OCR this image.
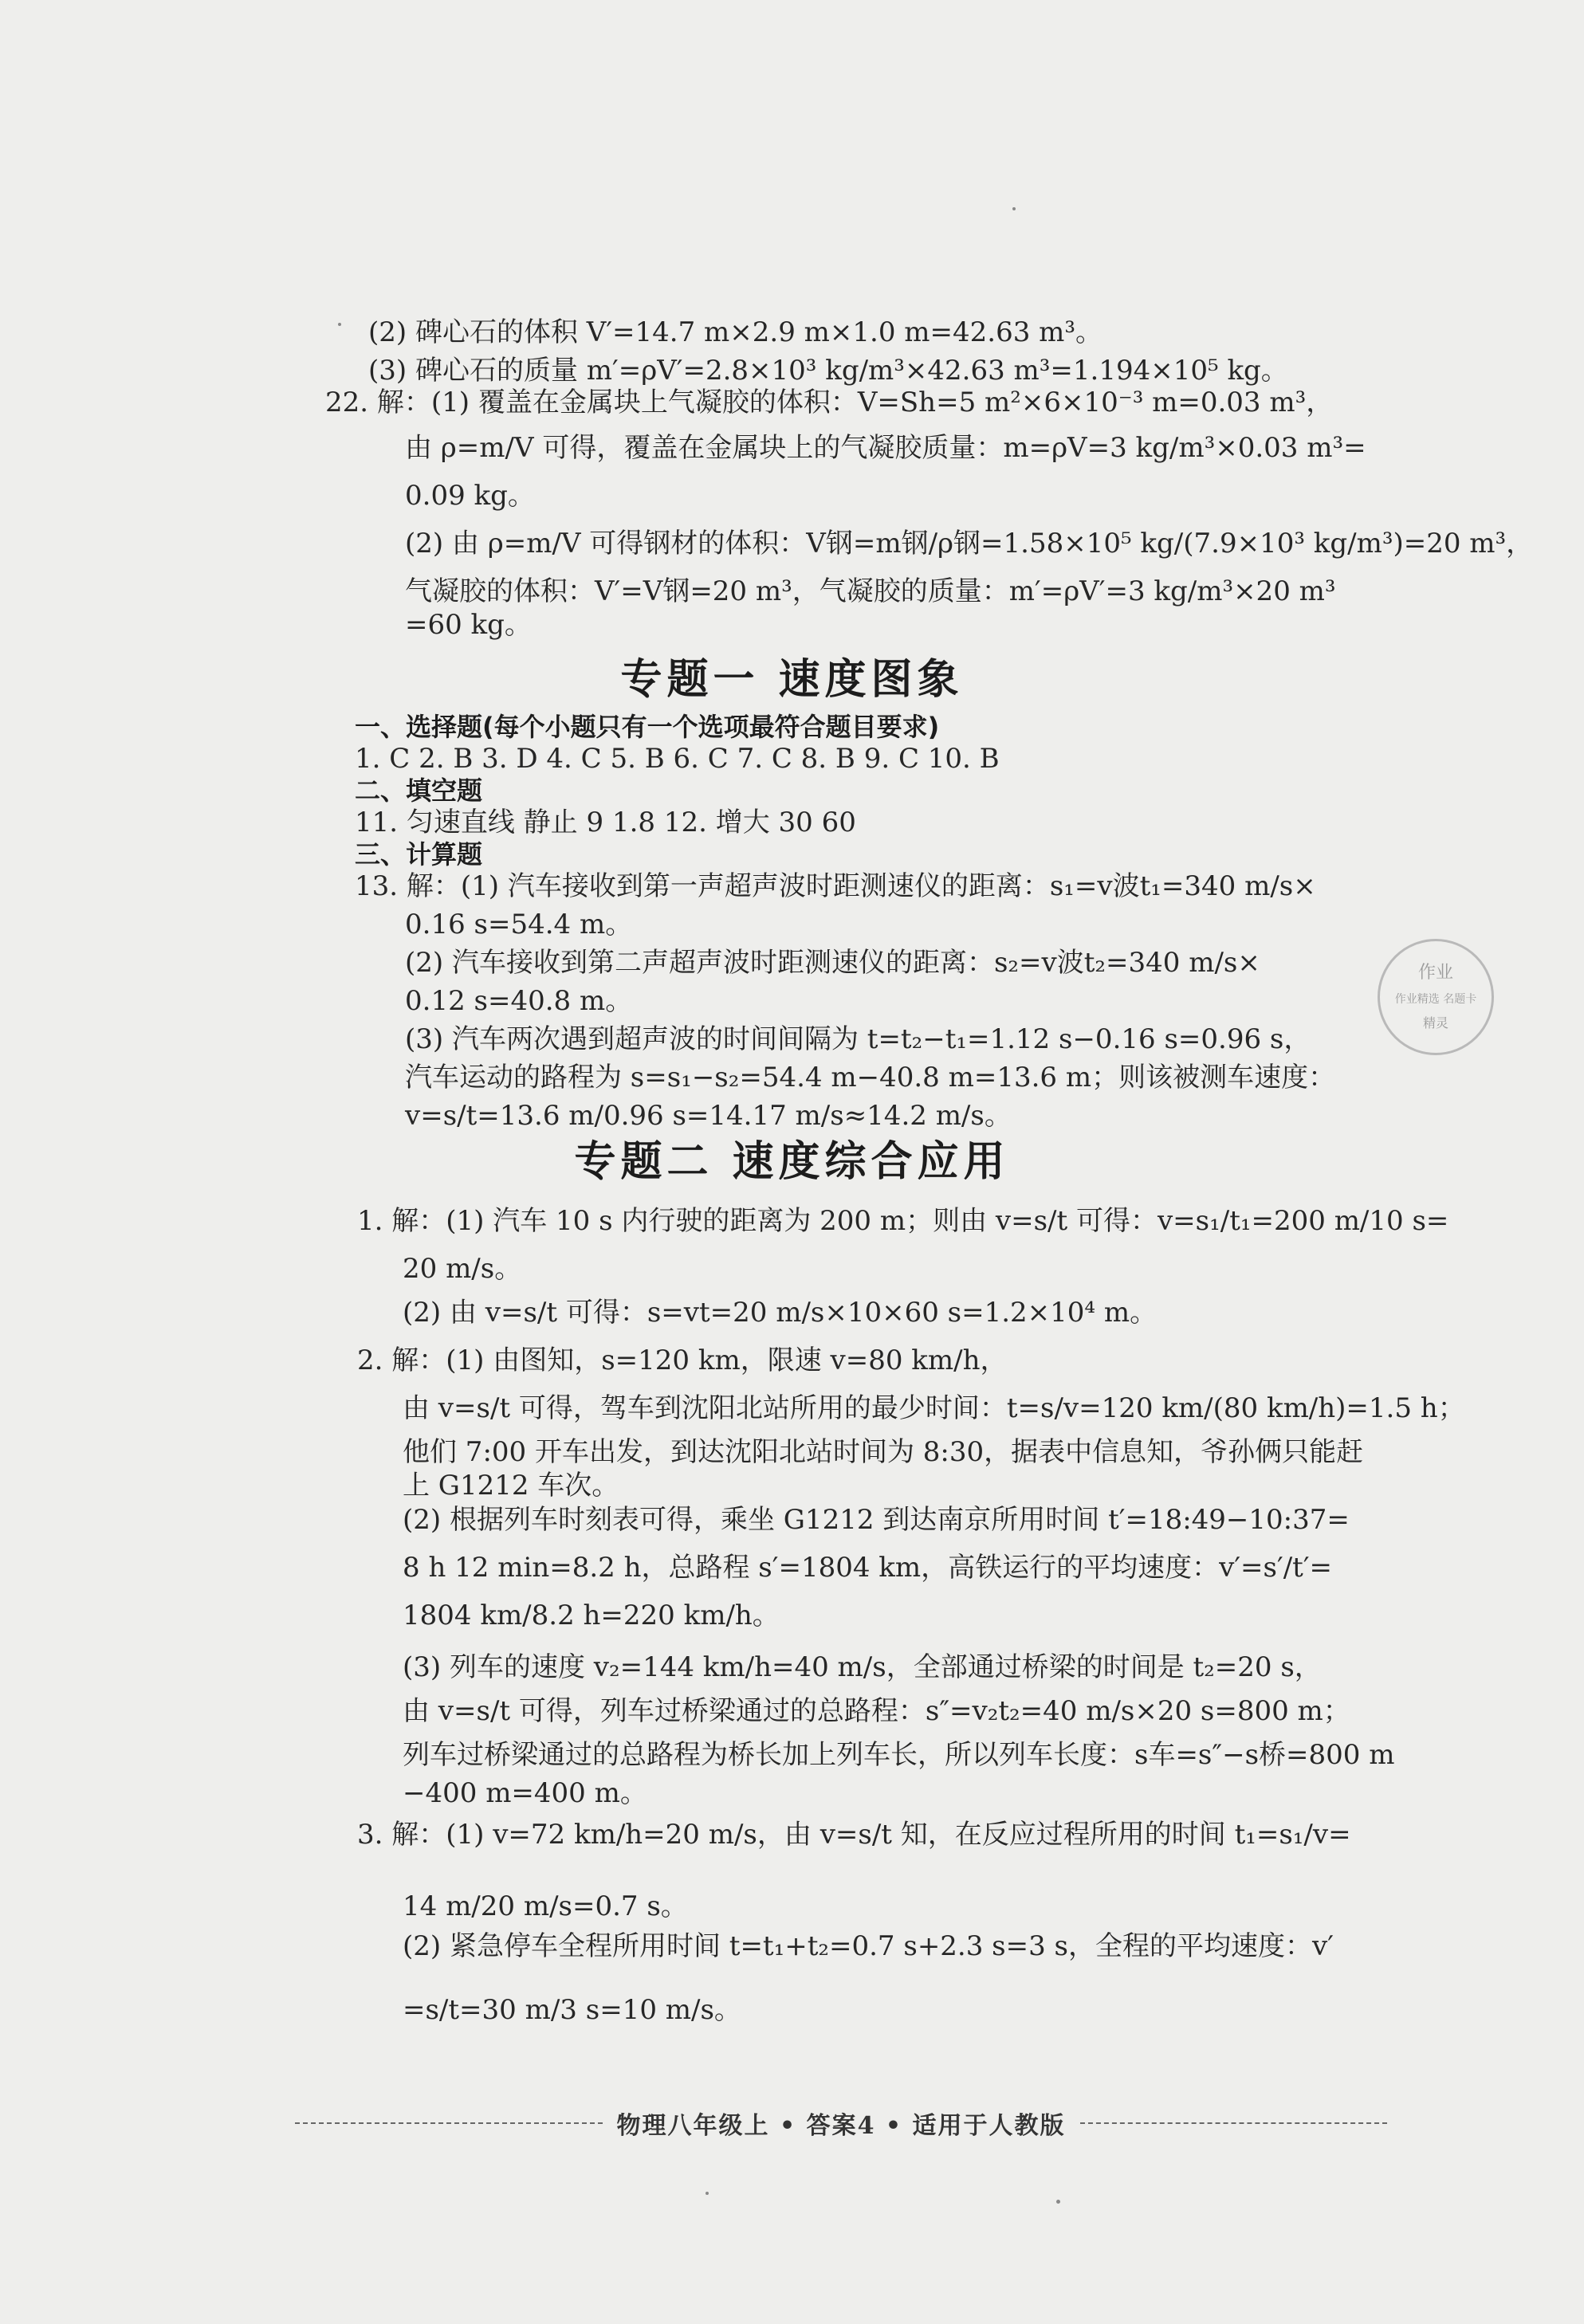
(2) 碑心石的体积 V′=14.7 m×2.9 m×1.0 m=42.63 m³。
(3) 碑心石的质量 m′=ρV′=2.8×10³ kg/m³×42.63 m³=1.194×10⁵ kg。
22. 解：(1) 覆盖在金属块上气凝胶的体积：V=Sh=5 m²×6×10⁻³ m=0.03 m³，
由 ρ=m/V 可得，覆盖在金属块上的气凝胶质量：m=ρV=3 kg/m³×0.03 m³=
0.09 kg。
(2) 由 ρ=m/V 可得钢材的体积：V钢=m钢/ρ钢=1.58×10⁵ kg/(7.9×10³ kg/m³)=20 m³，
气凝胶的体积：V′=V钢=20 m³，气凝胶的质量：m′=ρV′=3 kg/m³×20 m³
=60 kg。
专题一 速度图象
一、选择题(每个小题只有一个选项最符合题目要求)
1. C 2. B 3. D 4. C 5. B 6. C 7. C 8. B 9. C 10. B
二、填空题
11. 匀速直线 静止 9 1.8 12. 增大 30 60
三、计算题
13. 解：(1) 汽车接收到第一声超声波时距测速仪的距离：s₁=v波t₁=340 m/s×
0.16 s=54.4 m。
(2) 汽车接收到第二声超声波时距测速仪的距离：s₂=v波t₂=340 m/s×
0.12 s=40.8 m。
(3) 汽车两次遇到超声波的时间间隔为 t=t₂−t₁=1.12 s−0.16 s=0.96 s，
汽车运动的路程为 s=s₁−s₂=54.4 m−40.8 m=13.6 m；则该被测车速度：
v=s/t=13.6 m/0.96 s=14.17 m/s≈14.2 m/s。
专题二 速度综合应用
1. 解：(1) 汽车 10 s 内行驶的距离为 200 m；则由 v=s/t 可得：v=s₁/t₁=200 m/10 s=
20 m/s。
(2) 由 v=s/t 可得：s=vt=20 m/s×10×60 s=1.2×10⁴ m。
2. 解：(1) 由图知，s=120 km，限速 v=80 km/h，
由 v=s/t 可得，驾车到沈阳北站所用的最少时间：t=s/v=120 km/(80 km/h)=1.5 h；
他们 7:00 开车出发，到达沈阳北站时间为 8:30，据表中信息知，爷孙俩只能赶
上 G1212 车次。
(2) 根据列车时刻表可得，乘坐 G1212 到达南京所用时间 t′=18:49−10:37=
8 h 12 min=8.2 h，总路程 s′=1804 km，高铁运行的平均速度：v′=s′/t′=
1804 km/8.2 h=220 km/h。
(3) 列车的速度 v₂=144 km/h=40 m/s，全部通过桥梁的时间是 t₂=20 s，
由 v=s/t 可得，列车过桥梁通过的总路程：s″=v₂t₂=40 m/s×20 s=800 m；
列车过桥梁通过的总路程为桥长加上列车长，所以列车长度：s车=s″−s桥=800 m
−400 m=400 m。
3. 解：(1) v=72 km/h=20 m/s，由 v=s/t 知，在反应过程所用的时间 t₁=s₁/v=
14 m/20 m/s=0.7 s。
(2) 紧急停车全程所用时间 t=t₁+t₂=0.7 s+2.3 s=3 s，全程的平均速度：v′
=s/t=30 m/3 s=10 m/s。
作业
作业精选 名题卡
精灵
物理八年级上 • 答案4 • 适用于人教版
